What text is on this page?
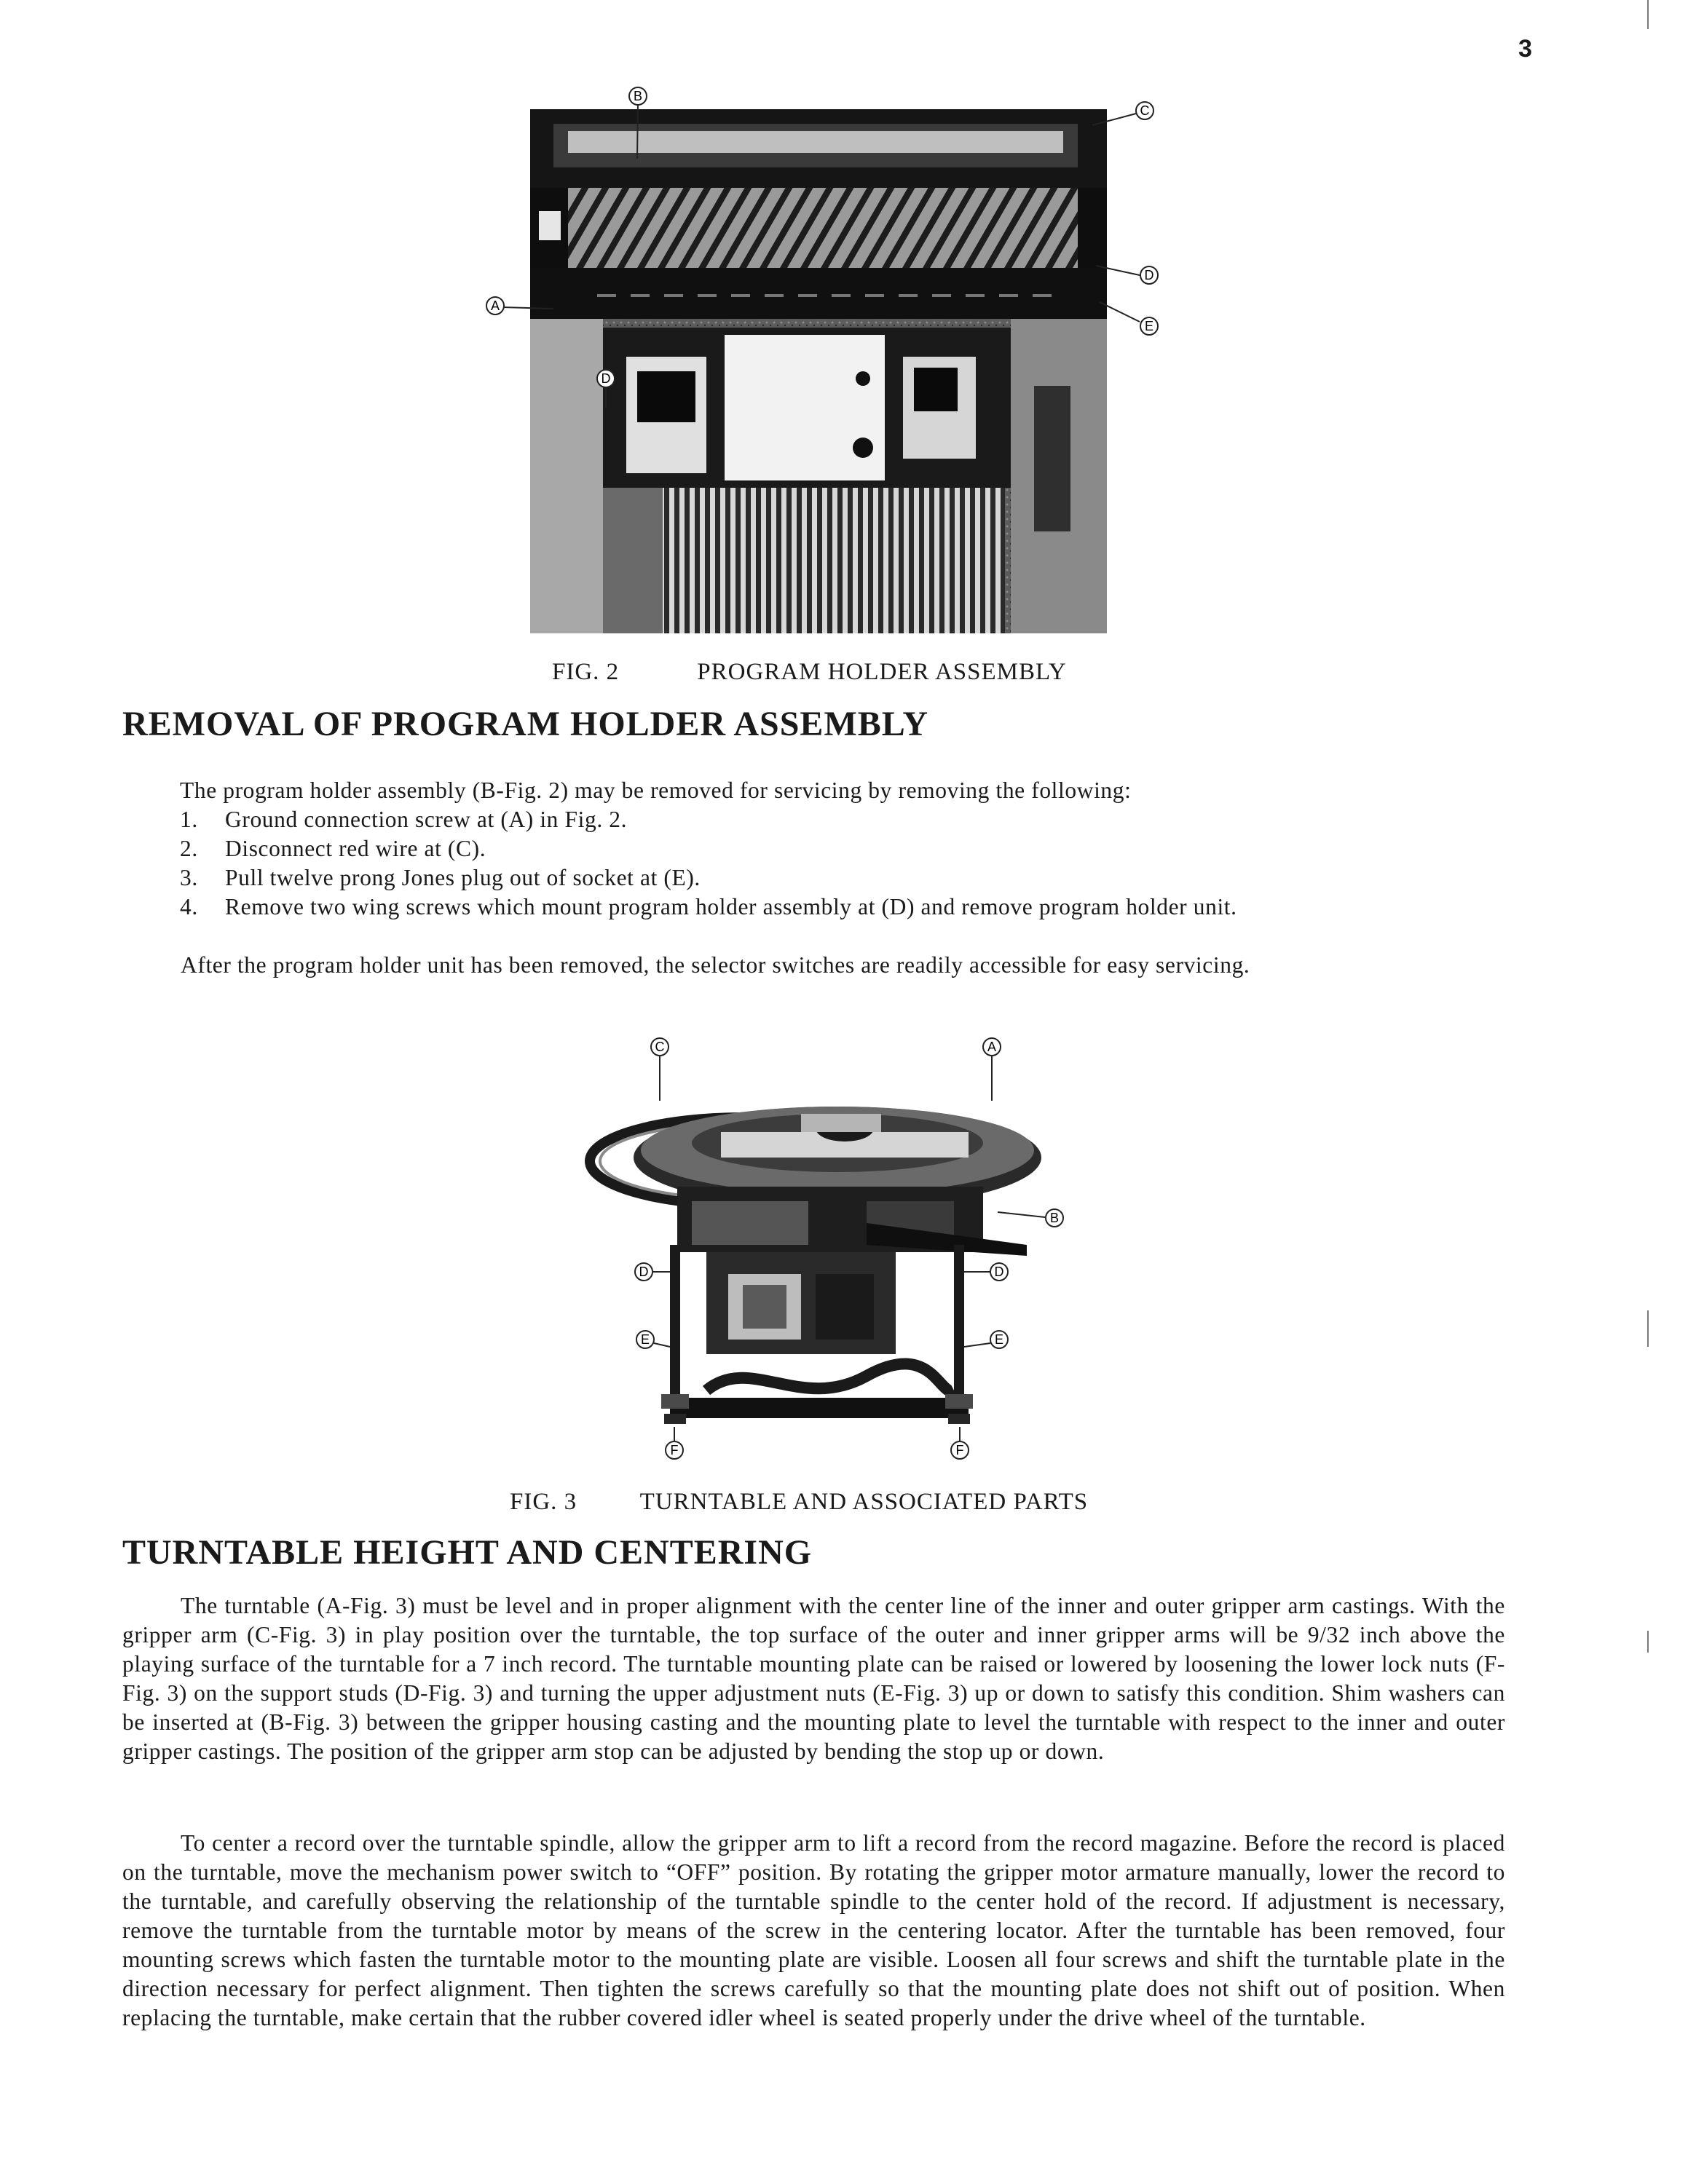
3
B
C
D
E
A
D
FIG. 2	PROGRAM HOLDER ASSEMBLY
REMOVAL OF PROGRAM HOLDER ASSEMBLY
The program holder assembly (B-Fig. 2) may be removed for servicing by removing the following:
1. Ground connection screw at (A) in Fig. 2.
2. Disconnect red wire at (C).
3. Pull twelve prong Jones plug out of socket at (E).
4. Remove two wing screws which mount program holder assembly at (D) and remove program holder unit.
After the program holder unit has been removed, the selector switches are readily accessible for easy servicing.
C	A
B
D	D
E	E
F	F
FIG. 3	TURNTABLE AND ASSOCIATED PARTS
TURNTABLE HEIGHT AND CENTERING
The turntable (A-Fig. 3) must be level and in proper alignment with the center line of the inner and outer gripper arm castings. With the gripper arm (C-Fig. 3) in play position over the turntable, the top surface of the outer and inner gripper arms will be 9/32 inch above the playing surface of the turntable for a 7 inch record. The turntable mounting plate can be raised or lowered by loosening the lower lock nuts (F-Fig. 3) on the support studs (D-Fig. 3) and turning the upper adjustment nuts (E-Fig. 3) up or down to satisfy this condition. Shim washers can be inserted at (B-Fig. 3) between the gripper housing casting and the mounting plate to level the turntable with respect to the inner and outer gripper castings. The position of the gripper arm stop can be adjusted by bending the stop up or down.
To center a record over the turntable spindle, allow the gripper arm to lift a record from the record magazine. Before the record is placed on the turntable, move the mechanism power switch to “OFF” position. By rotating the gripper motor armature manually, lower the record to the turntable, and carefully observing the relationship of the turntable spindle to the center hold of the record. If adjustment is necessary, remove the turntable from the turntable motor by means of the screw in the centering locator. After the turntable has been removed, four mounting screws which fasten the turntable motor to the mounting plate are visible. Loosen all four screws and shift the turntable plate in the direction necessary for perfect alignment. Then tighten the screws carefully so that the mounting plate does not shift out of position. When replacing the turntable, make certain that the rubber covered idler wheel is seated properly under the drive wheel of the turntable.
